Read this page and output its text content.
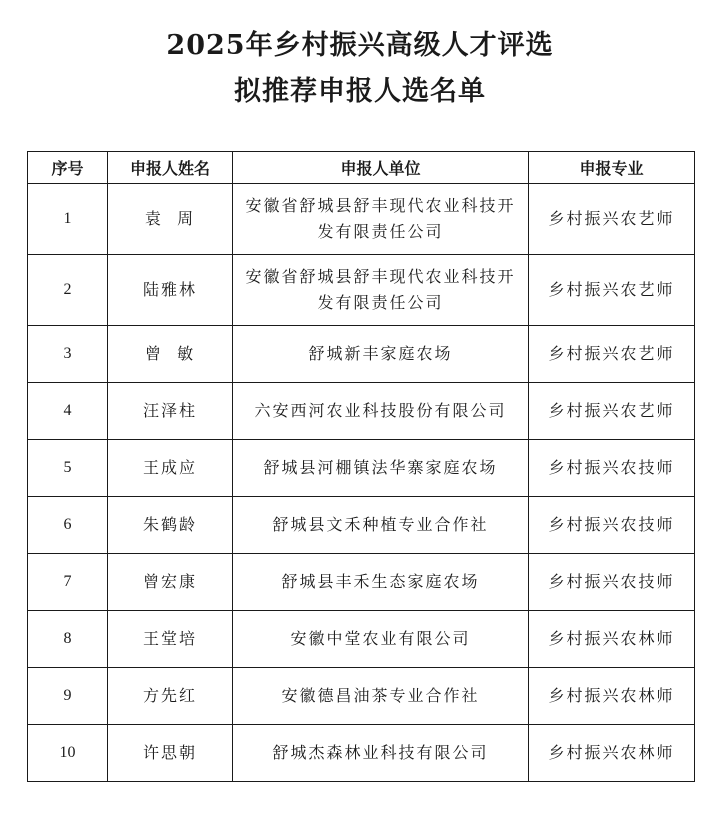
2025年乡村振兴高级人才评选
拟推荐申报人选名单
序号	申报人姓名	申报人单位	申报专业
1	袁  周	安徽省舒城县舒丰现代农业科技开发有限责任公司	乡村振兴农艺师
2	陆雅林	安徽省舒城县舒丰现代农业科技开发有限责任公司	乡村振兴农艺师
3	曾  敏	舒城新丰家庭农场	乡村振兴农艺师
4	汪泽柱	六安西河农业科技股份有限公司	乡村振兴农艺师
5	王成应	舒城县河棚镇法华寨家庭农场	乡村振兴农技师
6	朱鹤龄	舒城县文禾种植专业合作社	乡村振兴农技师
7	曾宏康	舒城县丰禾生态家庭农场	乡村振兴农技师
8	王堂培	安徽中堂农业有限公司	乡村振兴农林师
9	方先红	安徽德昌油茶专业合作社	乡村振兴农林师
10	许思朝	舒城杰森林业科技有限公司	乡村振兴农林师
